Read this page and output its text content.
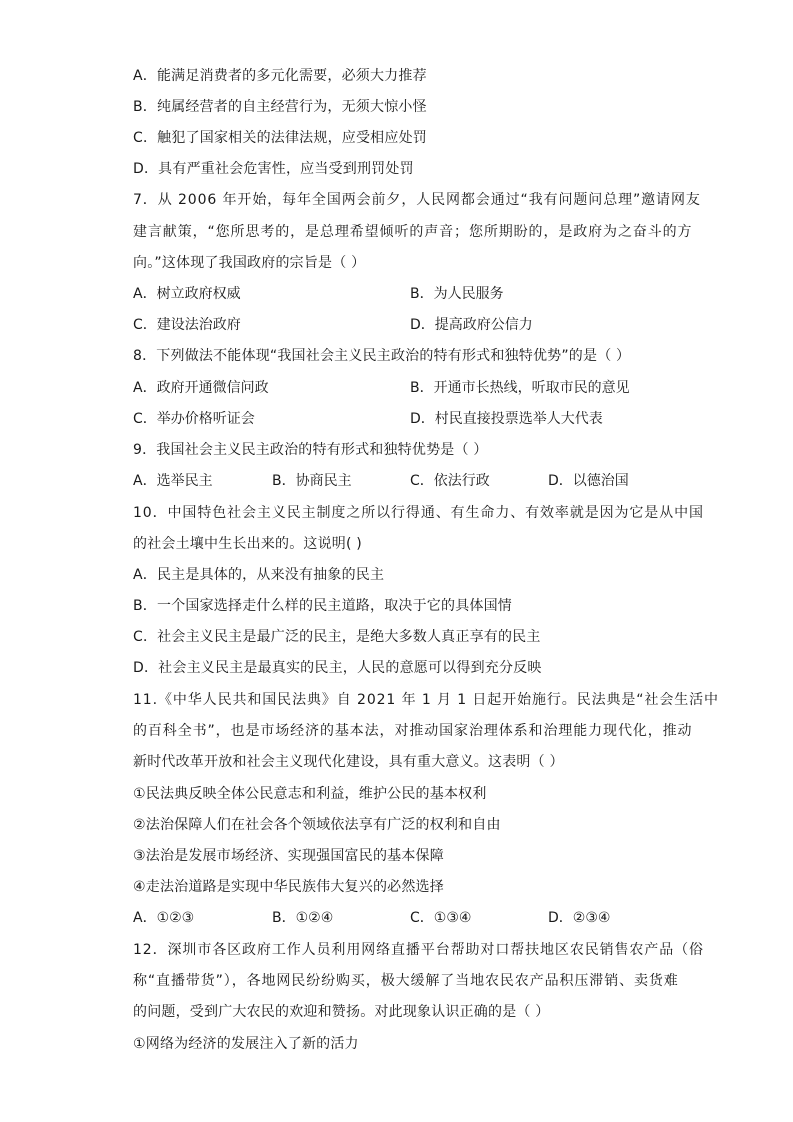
A．能满足消费者的多元化需要，必须大力推荐
B．纯属经营者的自主经营行为，无须大惊小怪
C．触犯了国家相关的法律法规，应受相应处罚
D．具有严重社会危害性，应当受到刑罚处罚
7．从 2006 年开始，每年全国两会前夕，人民网都会通过“我有问题问总理”邀请网友
建言献策，“您所思考的，是总理希望倾听的声音；您所期盼的，是政府为之奋斗的方
向。”这体现了我国政府的宗旨是（ ）
A．树立政府权威	B．为人民服务
C．建设法治政府	D．提高政府公信力
8．下列做法不能体现“我国社会主义民主政治的特有形式和独特优势”的是（ ）
A．政府开通微信问政	B．开通市长热线，听取市民的意见
C．举办价格听证会	D．村民直接投票选举人大代表
9．我国社会主义民主政治的特有形式和独特优势是（ ）
A．选举民主	B．协商民主	C．依法行政	D．以德治国
10．中国特色社会主义民主制度之所以行得通、有生命力、有效率就是因为它是从中国
的社会土壤中生长出来的。这说明( )
A．民主是具体的，从来没有抽象的民主
B．一个国家选择走什么样的民主道路，取决于它的具体国情
C．社会主义民主是最广泛的民主，是绝大多数人真正享有的民主
D．社会主义民主是最真实的民主，人民的意愿可以得到充分反映
11.《中华人民共和国民法典》自 2021 年 1 月 1 日起开始施行。民法典是“社会生活中
的百科全书”，也是市场经济的基本法，对推动国家治理体系和治理能力现代化，推动
新时代改革开放和社会主义现代化建设，具有重大意义。这表明（ ）
①民法典反映全体公民意志和利益，维护公民的基本权利
②法治保障人们在社会各个领域依法享有广泛的权利和自由
③法治是发展市场经济、实现强国富民的基本保障
④走法治道路是实现中华民族伟大复兴的必然选择
A．①②③	B．①②④	C．①③④	D．②③④
12．深圳市各区政府工作人员利用网络直播平台帮助对口帮扶地区农民销售农产品（俗
称“直播带货”），各地网民纷纷购买，极大缓解了当地农民农产品积压滞销、卖货难
的问题，受到广大农民的欢迎和赞扬。对此现象认识正确的是（ ）
①网络为经济的发展注入了新的活力
